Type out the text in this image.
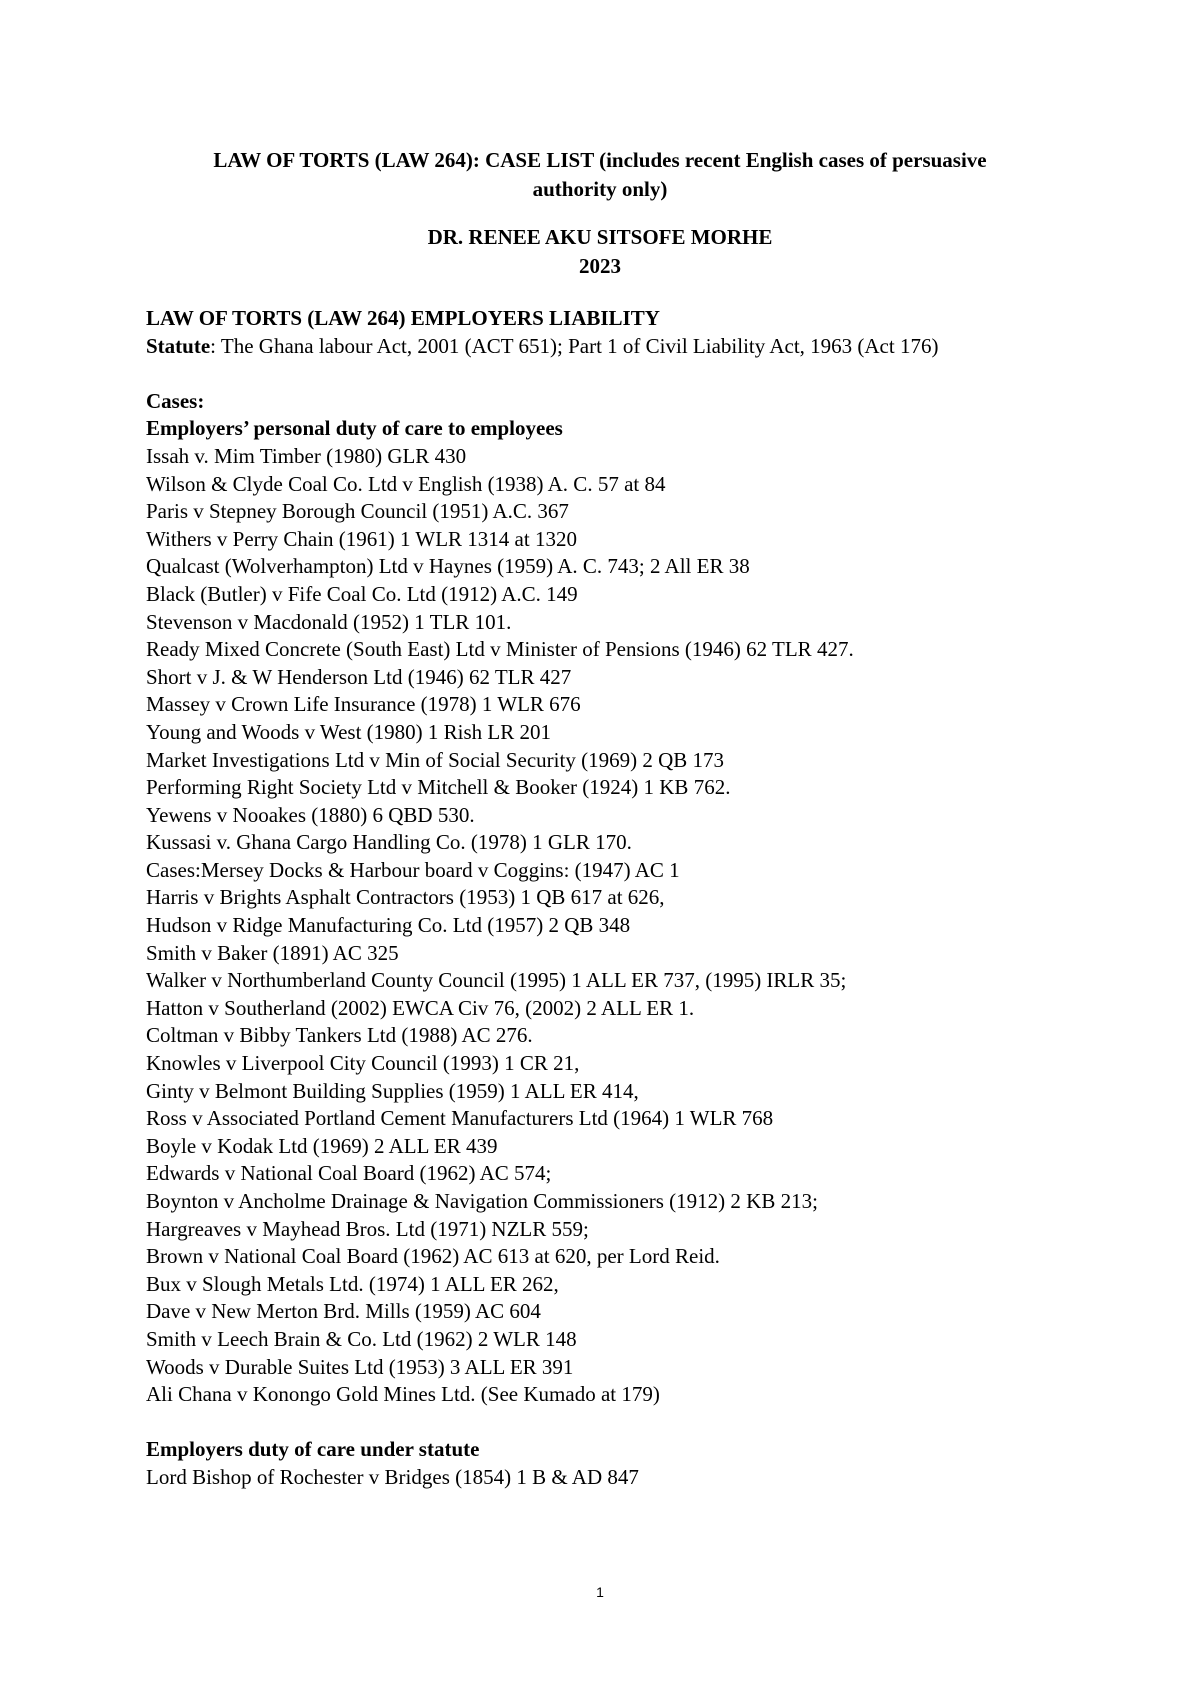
LAW OF TORTS (LAW 264): CASE LIST (includes recent English cases of persuasive
authority only)
DR. RENEE AKU SITSOFE MORHE
2023
LAW OF TORTS (LAW 264) EMPLOYERS LIABILITY
Statute: The Ghana labour Act, 2001 (ACT 651); Part 1 of Civil Liability Act, 1963 (Act 176)
Cases:
Employers’ personal duty of care to employees
Issah v. Mim Timber (1980) GLR 430
Wilson & Clyde Coal Co. Ltd v English (1938) A. C. 57 at 84
Paris v Stepney Borough Council (1951) A.C. 367
Withers v Perry Chain (1961) 1 WLR 1314 at 1320
Qualcast (Wolverhampton) Ltd v Haynes (1959) A. C. 743; 2 All ER 38
Black (Butler) v Fife Coal Co. Ltd (1912) A.C. 149
Stevenson v Macdonald (1952) 1 TLR 101.
Ready Mixed Concrete (South East) Ltd v Minister of Pensions (1946) 62 TLR 427.
Short v J. & W Henderson Ltd (1946) 62 TLR 427
Massey v Crown Life Insurance (1978) 1 WLR 676
Young and Woods v West (1980) 1 Rish LR 201
Market Investigations Ltd v Min of Social Security (1969) 2 QB 173
Performing Right Society Ltd v Mitchell & Booker (1924) 1 KB 762.
Yewens v Nooakes (1880) 6 QBD 530.
Kussasi v. Ghana Cargo Handling Co. (1978) 1 GLR 170.
Cases:Mersey Docks & Harbour board v Coggins: (1947) AC 1
Harris v Brights Asphalt Contractors (1953) 1 QB 617 at 626,
Hudson v Ridge Manufacturing Co. Ltd (1957) 2 QB 348
Smith v Baker (1891) AC 325
Walker v Northumberland County Council (1995) 1 ALL ER 737, (1995) IRLR 35;
Hatton v Southerland (2002) EWCA Civ 76, (2002) 2 ALL ER 1.
Coltman v Bibby Tankers Ltd (1988) AC 276.
Knowles v Liverpool City Council (1993) 1 CR 21,
Ginty v Belmont Building Supplies (1959) 1 ALL ER 414,
Ross v Associated Portland Cement Manufacturers Ltd (1964) 1 WLR 768
Boyle v Kodak Ltd (1969) 2 ALL ER 439
Edwards v National Coal Board (1962) AC 574;
Boynton v Ancholme Drainage & Navigation Commissioners (1912) 2 KB 213;
Hargreaves v Mayhead Bros. Ltd (1971) NZLR 559;
Brown v National Coal Board (1962) AC 613 at 620, per Lord Reid.
Bux v Slough Metals Ltd. (1974) 1 ALL ER 262,
Dave v New Merton Brd. Mills (1959) AC 604
Smith v Leech Brain & Co. Ltd (1962) 2 WLR 148
Woods v Durable Suites Ltd (1953) 3 ALL ER 391
Ali Chana v Konongo Gold Mines Ltd. (See Kumado at 179)
Employers duty of care under statute
Lord Bishop of Rochester v Bridges (1854) 1 B & AD 847
1
